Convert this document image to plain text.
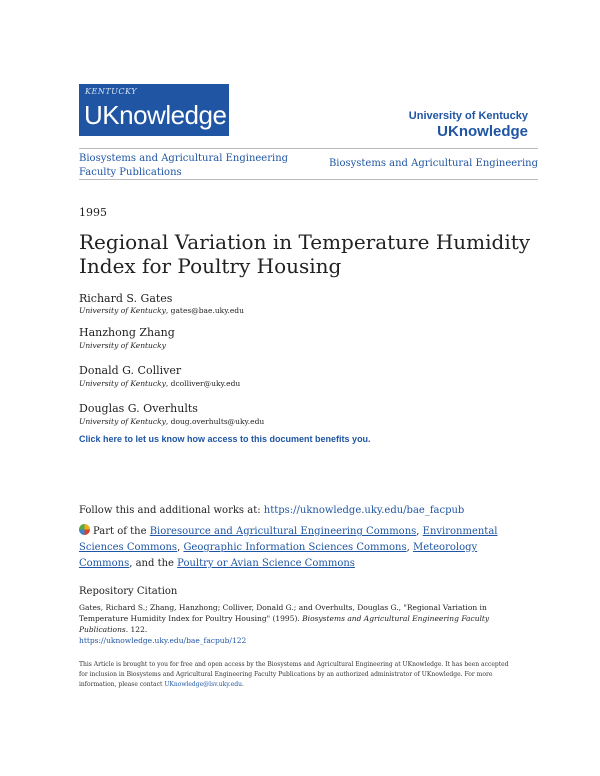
KENTUCKY
UKnowledge	University of Kentucky
UKnowledge
Biosystems and Agricultural Engineering Faculty Publications
Biosystems and Agricultural Engineering
1995
Regional Variation in Temperature Humidity Index for Poultry Housing
Richard S. Gates
University of Kentucky, gates@bae.uky.edu
Hanzhong Zhang
University of Kentucky
Donald G. Colliver
University of Kentucky, dcolliver@uky.edu
Douglas G. Overhults
University of Kentucky, doug.overhults@uky.edu
Click here to let us know how access to this document benefits you.
Follow this and additional works at: https://uknowledge.uky.edu/bae_facpub
Part of the Bioresource and Agricultural Engineering Commons, Environmental Sciences Commons, Geographic Information Sciences Commons, Meteorology Commons, and the Poultry or Avian Science Commons
Repository Citation
Gates, Richard S.; Zhang, Hanzhong; Colliver, Donald G.; and Overhults, Douglas G., "Regional Variation in Temperature Humidity Index for Poultry Housing" (1995). Biosystems and Agricultural Engineering Faculty Publications. 122.
https://uknowledge.uky.edu/bae_facpub/122
This Article is brought to you for free and open access by the Biosystems and Agricultural Engineering at UKnowledge. It has been accepted for inclusion in Biosystems and Agricultural Engineering Faculty Publications by an authorized administrator of UKnowledge. For more information, please contact UKnowledge@lsv.uky.edu.
